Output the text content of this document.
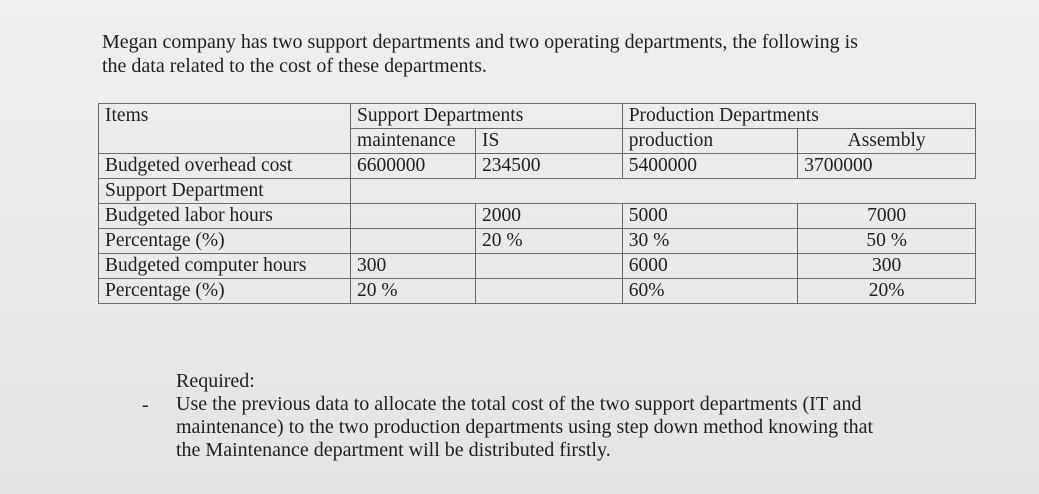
Megan company has two support departments and two operating departments, the following is

the data related to the cost of these departments.

Items	Support Departments		Production Departments	
	maintenance	IS	production	Assembly
Budgeted overhead cost	6600000	234500	5400000	3700000
Support Department				
Budgeted labor hours		2000	5000	7000
Percentage (%)		20 %	30 %	50 %
Budgeted computer hours	300		6000	300
Percentage (%)	20 %		60%	20%
-

Required:

Use the previous data to allocate the total cost of the two support departments (IT and

maintenance) to the two production departments using step down method knowing that

the Maintenance department will be distributed firstly.
